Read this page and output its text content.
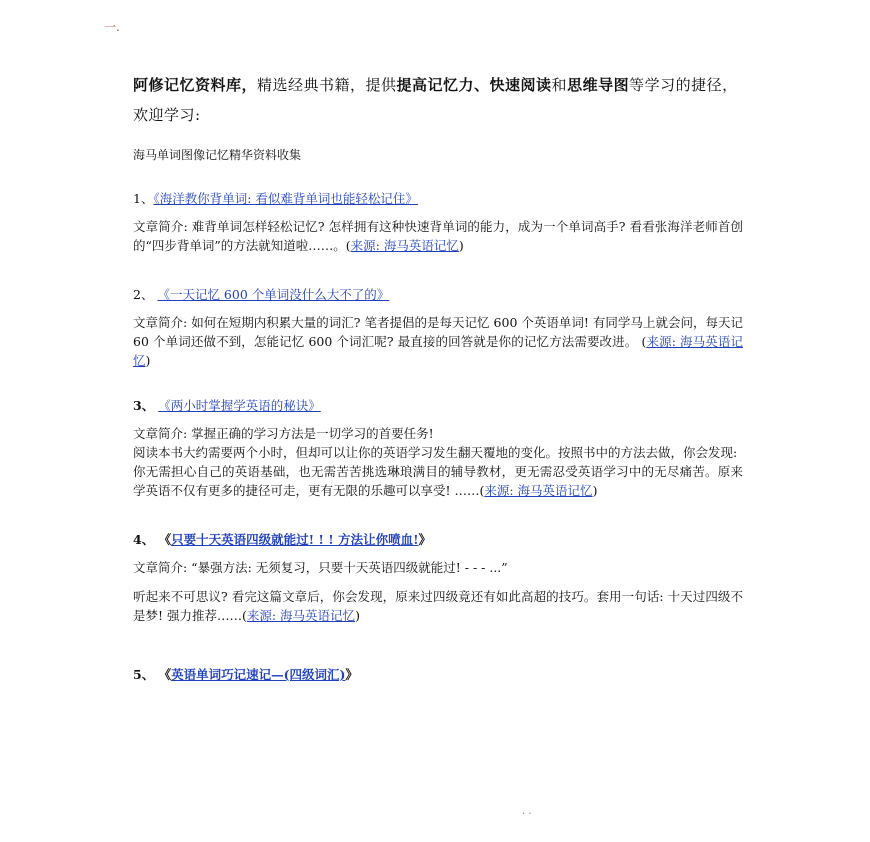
一.
阿修记忆资料库，精选经典书籍，提供提高记忆力、快速阅读和思维导图等学习的捷径，欢迎学习:
海马单词图像记忆精华资料收集
1、《海洋教你背单词: 看似难背单词也能轻松记住》
文章简介: 难背单词怎样轻松记忆? 怎样拥有这种快速背单词的能力，成为一个单词高手? 看看张海洋老师首创的“四步背单词”的方法就知道啦……。(来源: 海马英语记忆)
2、 《一天记忆 600 个单词没什么大不了的》
文章简介: 如何在短期内积累大量的词汇? 笔者提倡的是每天记忆 600 个英语单词! 有同学马上就会问，每天记 60 个单词还做不到，怎能记忆 600 个词汇呢? 最直接的回答就是你的记忆方法需要改进。 (来源: 海马英语记忆)
3、 《两小时掌握学英语的秘诀》
文章简介: 掌握正确的学习方法是一切学习的首要任务!
阅读本书大约需要两个小时，但却可以让你的英语学习发生翻天覆地的变化。按照书中的方法去做，你会发现:
你无需担心自己的英语基础，也无需苦苦挑选琳琅满目的辅导教材，更无需忍受英语学习中的无尽痛苦。原来学英语不仅有更多的捷径可走，更有无限的乐趣可以享受! ……(来源: 海马英语记忆)
4、 《只要十天英语四级就能过! ! ! 方法让你喷血!》
文章简介: “暴强方法: 无须复习，只要十天英语四级就能过! - - - ...”
听起来不可思议? 看完这篇文章后，你会发现，原来过四级竟还有如此高超的技巧。套用一句话: 十天过四级不是梦! 强力推荐……(来源: 海马英语记忆)
5、 《英语单词巧记速记—(四级词汇)》
. .
